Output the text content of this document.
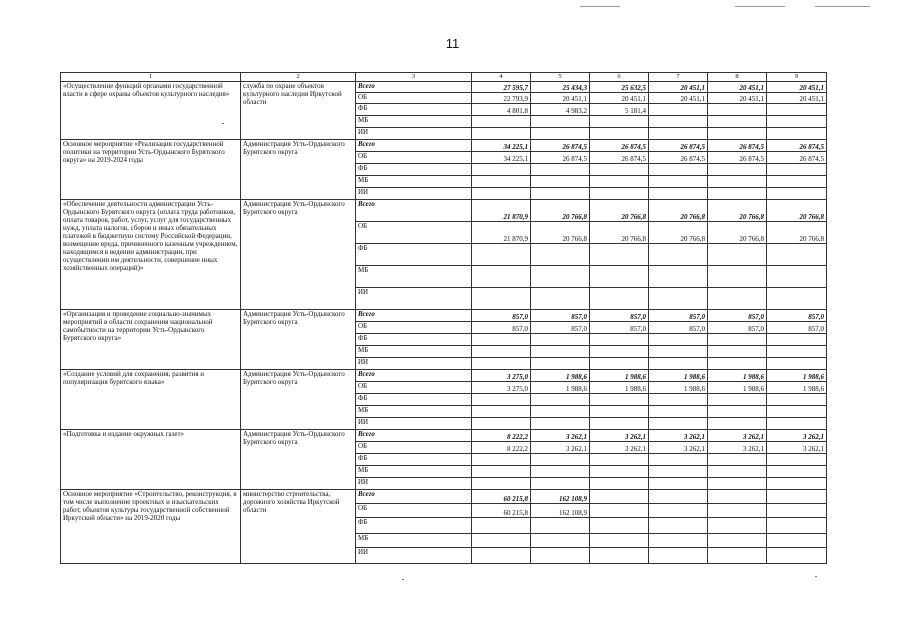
11
1	2	3	4	5	6	7	8	9
«Осуществление функций органами государственной власти в сфере охраны объектов культурного наследия»	служба по охране объектов культурного наследия Иркутской области	Всего	27 595,7	25 434,3	25 632,5	20 451,1	20 451,1	20 451,1
		ОБ	22 793,9	20 451,1	20 451,1	20 451,1	20 451,1	20 451,1
		ФБ	4 801,8	4 983,2	5 181,4			
		МБ						
		ИИ						
Основное мероприятие «Реализация государственной политики на территории Усть-Ордынского Бурятского округа» на 2019-2024 годы	Администрация Усть-Ордынского Бурятского округа	Всего	34 225,1	26 874,5	26 874,5	26 874,5	26 874,5	26 874,5
		ОБ	34 225,1	26 874,5	26 874,5	26 874,5	26 874,5	26 874,5
		ФБ						
		МБ						
		ИИ						
«Обеспечение деятельности администрации Усть-Ордынского Бурятского округа (оплата труда работников, оплата товаров, работ, услуг, услуг для государственных нужд, уплата налогов, сборов и иных обязательных платежей в бюджетную систему Российской Федерации, возмещение вреда, причиненного казенным учреждением, находящимся в ведении администрации, при осуществлении им деятельности, совершение иных хозяйственных операций)»	Администрация Усть-Ордынского Бурятского округа	Всего	21 870,9	20 766,8	20 766,8	20 766,8	20 766,8	20 766,8
		ОБ	21 870,9	20 766,8	20 766,8	20 766,8	20 766,8	20 766,8
		ФБ						
		МБ						
		ИИ						
«Организация и проведение социально-значимых мероприятий в области сохранения национальной самобытности на территории Усть-Ордынского Бурятского округа»	Администрация Усть-Ордынского Бурятского округа	Всего	857,0	857,0	857,0	857,0	857,0	857,0
		ОБ	857,0	857,0	857,0	857,0	857,0	857,0
		ФБ						
		МБ						
		ИИ						
«Создание условий для сохранения, развития и популяризация бурятского языка»	Администрация Усть-Ордынского Бурятского округа	Всего	3 275,0	1 988,6	1 988,6	1 988,6	1 988,6	1 988,6
		ОБ	3 275,0	1 988,6	1 988,6	1 988,6	1 988,6	1 988,6
		ФБ						
		МБ						
		ИИ						
«Подготовка и издание окружных газет»	Администрация Усть-Ордынского Бурятского округа	Всего	8 222,2	3 262,1	3 262,1	3 262,1	3 262,1	3 262,1
		ОБ	8 222,2	3 262,1	3 262,1	3 262,1	3 262,1	3 262,1
		ФБ						
		МБ						
		ИИ						
Основное мероприятие «Строительство, реконструкция, в том числе выполнение проектных и изыскательских работ, объектов культуры государственной собственной Иркутской области» на 2019-2020 годы	министерство строительства, дорожного хозяйства Иркутской области	Всего	60 215,8	162 108,9				
		ОБ	60 215,8	162 108,9				
		ФБ						
		МБ						
		ИИ						
